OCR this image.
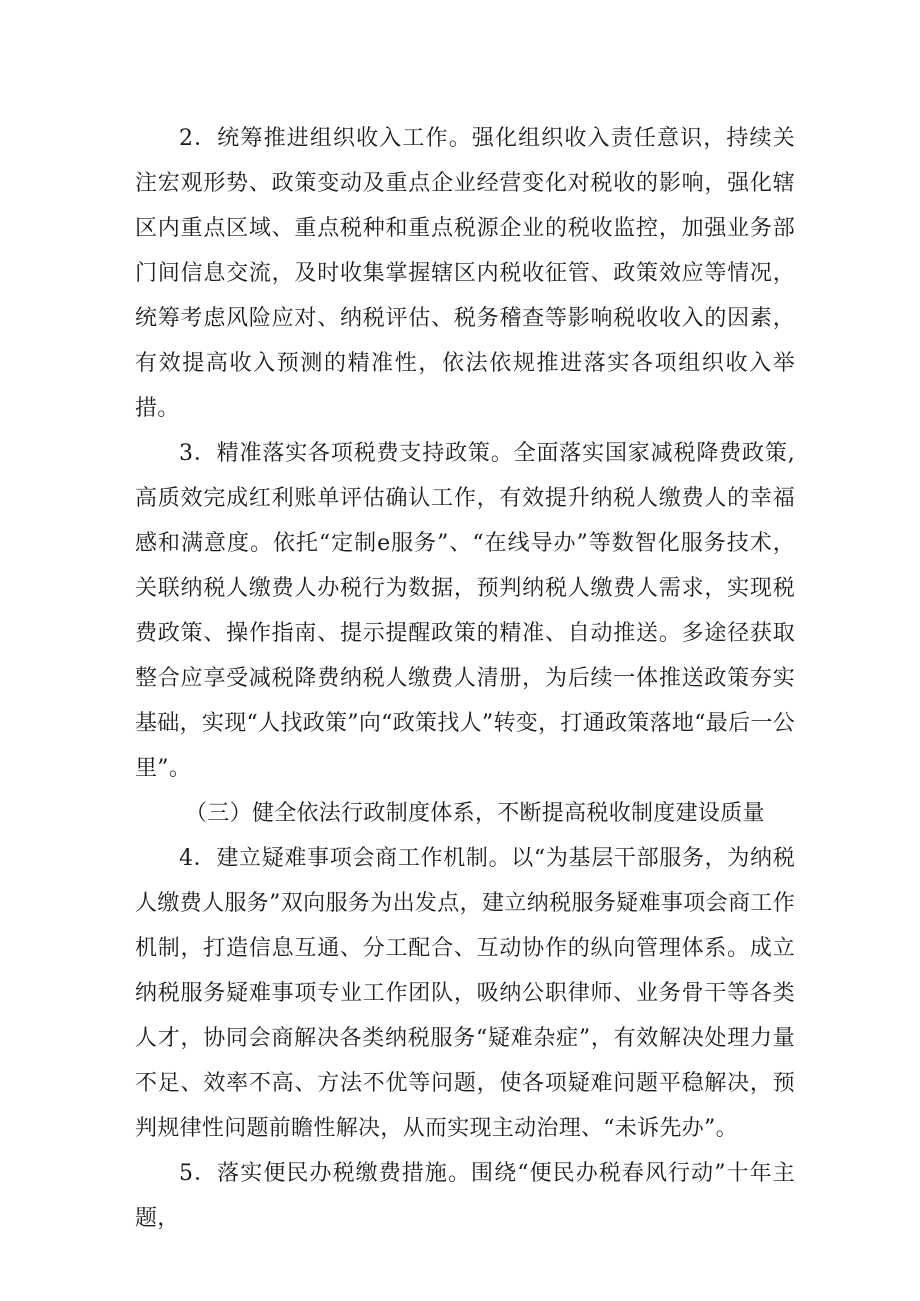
2．统筹推进组织收入工作。强化组织收入责任意识，持续关注宏观形势、政策变动及重点企业经营变化对税收的影响，强化辖区内重点区域、重点税种和重点税源企业的税收监控，加强业务部门间信息交流，及时收集掌握辖区内税收征管、政策效应等情况，统筹考虑风险应对、纳税评估、税务稽查等影响税收收入的因素，有效提高收入预测的精准性，依法依规推进落实各项组织收入举措。

3．精准落实各项税费支持政策。全面落实国家减税降费政策,高质效完成红利账单评估确认工作，有效提升纳税人缴费人的幸福感和满意度。依托“定制e服务”、“在线导办”等数智化服务技术，关联纳税人缴费人办税行为数据，预判纳税人缴费人需求，实现税费政策、操作指南、提示提醒政策的精准、自动推送。多途径获取整合应享受减税降费纳税人缴费人清册，为后续一体推送政策夯实基础，实现“人找政策”向“政策找人”转变，打通政策落地“最后一公里”。

（三）健全依法行政制度体系，不断提高税收制度建设质量

4．建立疑难事项会商工作机制。以“为基层干部服务，为纳税人缴费人服务”双向服务为出发点，建立纳税服务疑难事项会商工作机制，打造信息互通、分工配合、互动协作的纵向管理体系。成立纳税服务疑难事项专业工作团队，吸纳公职律师、业务骨干等各类人才，协同会商解决各类纳税服务“疑难杂症”，有效解决处理力量不足、效率不高、方法不优等问题，使各项疑难问题平稳解决，预判规律性问题前瞻性解决，从而实现主动治理、“未诉先办”。

5．落实便民办税缴费措施。围绕“便民办税春风行动”十年主题，
